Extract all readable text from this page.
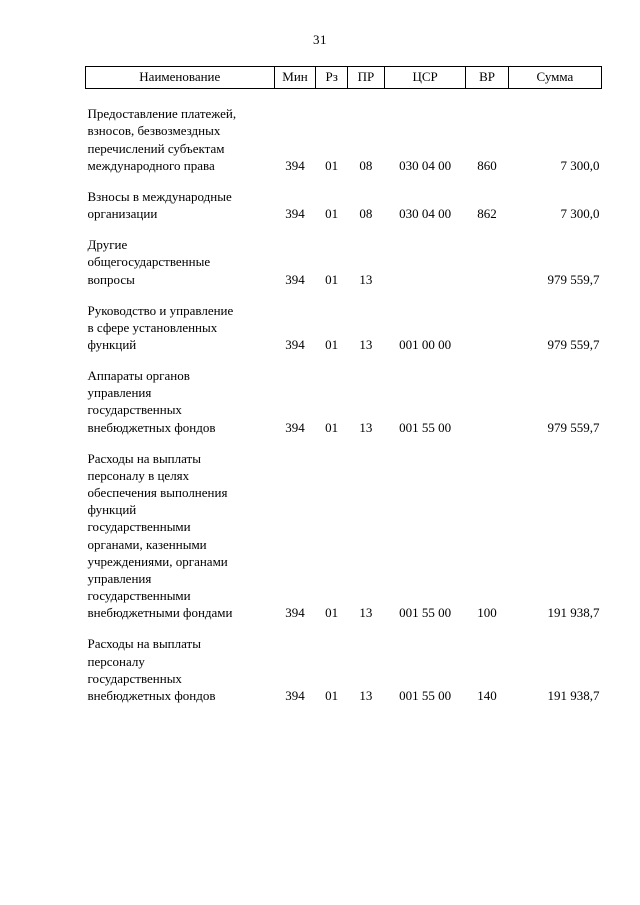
31
Наименование	Мин	Рз	ПР	ЦСР	ВР	Сумма

Предоставление платежей,
взносов, безвозмездных
перечислений субъектам
международного права	394	01	08	030 04 00	860	7 300,0

Взносы в международные
организации	394	01	08	030 04 00	862	7 300,0

Другие
общегосударственные
вопросы	394	01	13			979 559,7

Руководство и управление
в сфере установленных
функций	394	01	13	001 00 00		979 559,7

Аппараты органов
управления
государственных
внебюджетных фондов	394	01	13	001 55 00		979 559,7

Расходы на выплаты
персоналу в целях
обеспечения выполнения
функций
государственными
органами, казенными
учреждениями, органами
управления
государственными
внебюджетными фондами	394	01	13	001 55 00	100	191 938,7

Расходы на выплаты
персоналу
государственных
внебюджетных фондов	394	01	13	001 55 00	140	191 938,7
